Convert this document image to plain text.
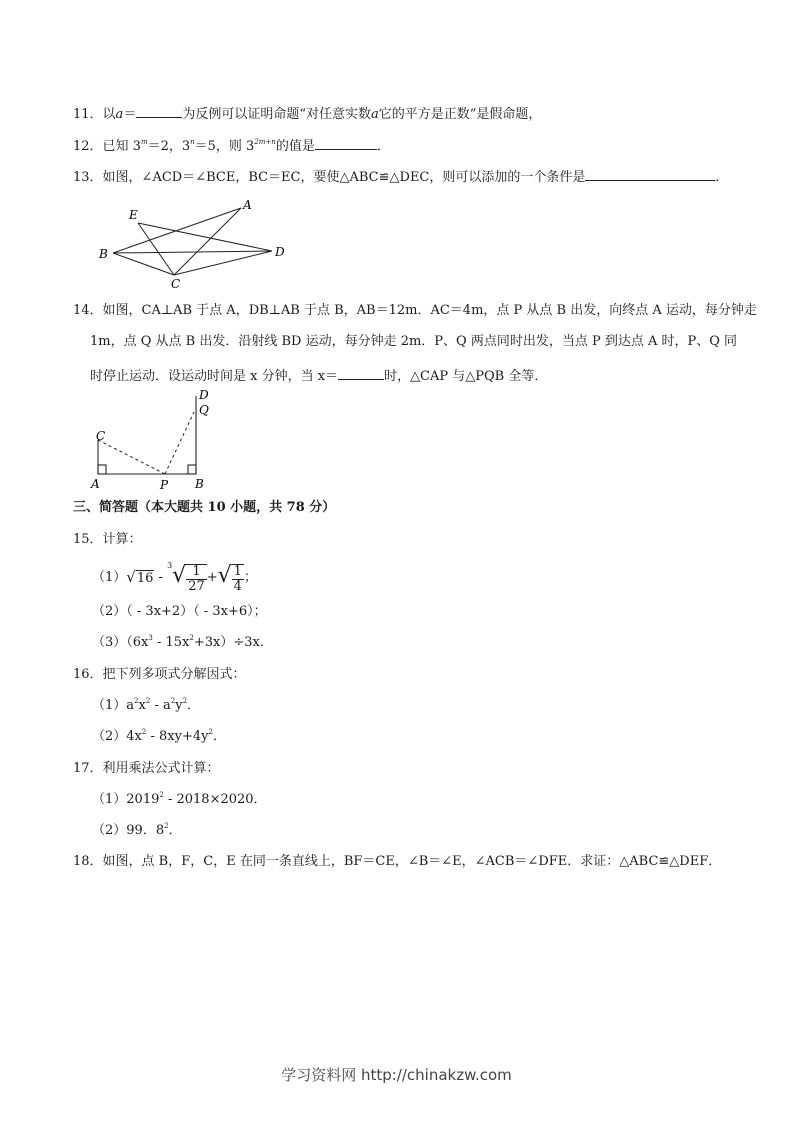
11．以a＝	为反例可以证明命题“对任意实数a它的平方是正数”是假命题，
12．已知 $3^m=2$，$3^n=5$，则 $3^{2m+n}$的值是	．
13．如图，∠ACD＝∠BCE，BC＝EC，要使△ABC≌△DEC，则可以添加的一个条件是	．
E
A
B
C
D
14．如图，CA⊥AB 于点 A，DB⊥AB 于点 B，AB＝12m．AC＝4m，点 P 从点 B 出发，向终点 A 运动，每分钟走
1m，点 Q 从点 B 出发．沿射线 BD 运动，每分钟走 2m．P、Q 两点同时出发，当点 P 到达点 A 时，P、Q 同
时停止运动．设运动时间是 x 分钟，当 x＝	时，△CAP 与△PQB 全等．
D
Q
C
A	P B
三、简答题（本大题共 10 小题，共 78 分）
15．计算：
$(1)√16 - ^3√ \frac{1}{27}$ +√ $\frac{1}{4}$ ；
（2）（ - 3x+2）（ - 3x+6）；
$(3)(6x^3 - 15x^2+3x)\div 3x$．
16．把下列多项式分解因式：
$(1)a^2x^2 - a^2y^2$．
$(2)4x^2 - 8xy+4y^2$．
17．利用乘法公式计算：
（1）2019$^2$ - 2018×2020．
（2）99．$8^2$．
18．如图，点 B，F，C，E 在同一条直线上，BF＝CE，∠B＝∠E，∠ACB＝∠DFE．求证：△ABC≌△DEF．
学习资料网 http://chinakzw.com
